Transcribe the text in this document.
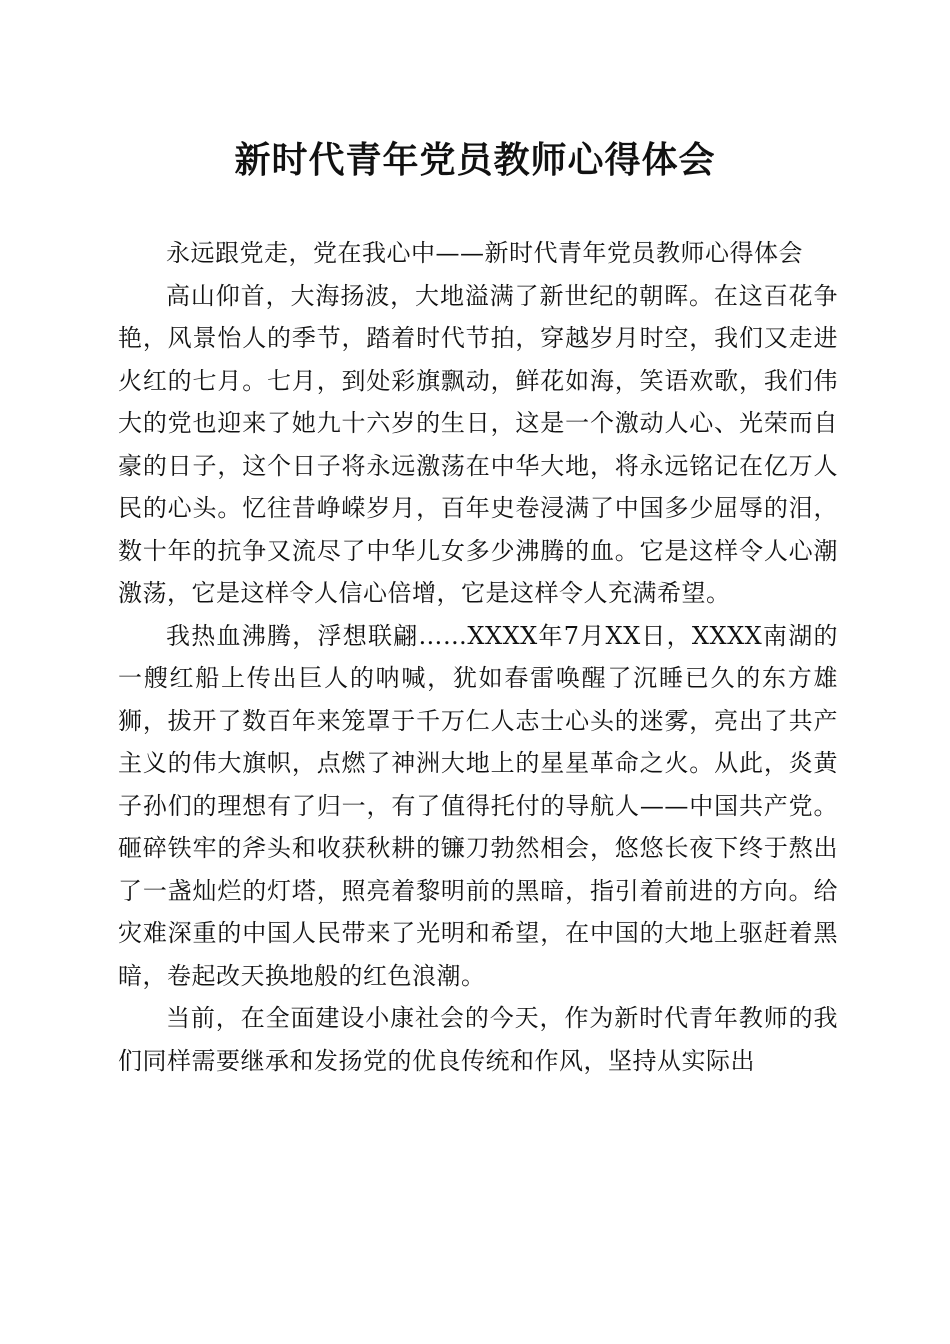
新时代青年党员教师心得体会

永远跟党走，党在我心中——新时代青年党员教师心得体会

高山仰首，大海扬波，大地溢满了新世纪的朝晖。在这百花争艳，风景怡人的季节，踏着时代节拍，穿越岁月时空，我们又走进火红的七月。七月，到处彩旗飘动，鲜花如海，笑语欢歌，我们伟大的党也迎来了她九十六岁的生日，这是一个激动人心、光荣而自豪的日子，这个日子将永远激荡在中华大地，将永远铭记在亿万人民的心头。忆往昔峥嵘岁月，百年史卷浸满了中国多少屈辱的泪，数十年的抗争又流尽了中华儿女多少沸腾的血。它是这样令人心潮激荡，它是这样令人信心倍增，它是这样令人充满希望。

我热血沸腾，浮想联翩……XXXX年7月XX日，XXXX南湖的一艘红船上传出巨人的呐喊，犹如春雷唤醒了沉睡已久的东方雄狮，拔开了数百年来笼罩于千万仁人志士心头的迷雾，亮出了共产主义的伟大旗帜，点燃了神洲大地上的星星革命之火。从此，炎黄子孙们的理想有了归一，有了值得托付的导航人——中国共产党。砸碎铁牢的斧头和收获秋耕的镰刀勃然相会，悠悠长夜下终于熬出了一盏灿烂的灯塔，照亮着黎明前的黑暗，指引着前进的方向。给灾难深重的中国人民带来了光明和希望，在中国的大地上驱赶着黑暗，卷起改天换地般的红色浪潮。

当前，在全面建设小康社会的今天，作为新时代青年教师的我们同样需要继承和发扬党的优良传统和作风，坚持从实际出
